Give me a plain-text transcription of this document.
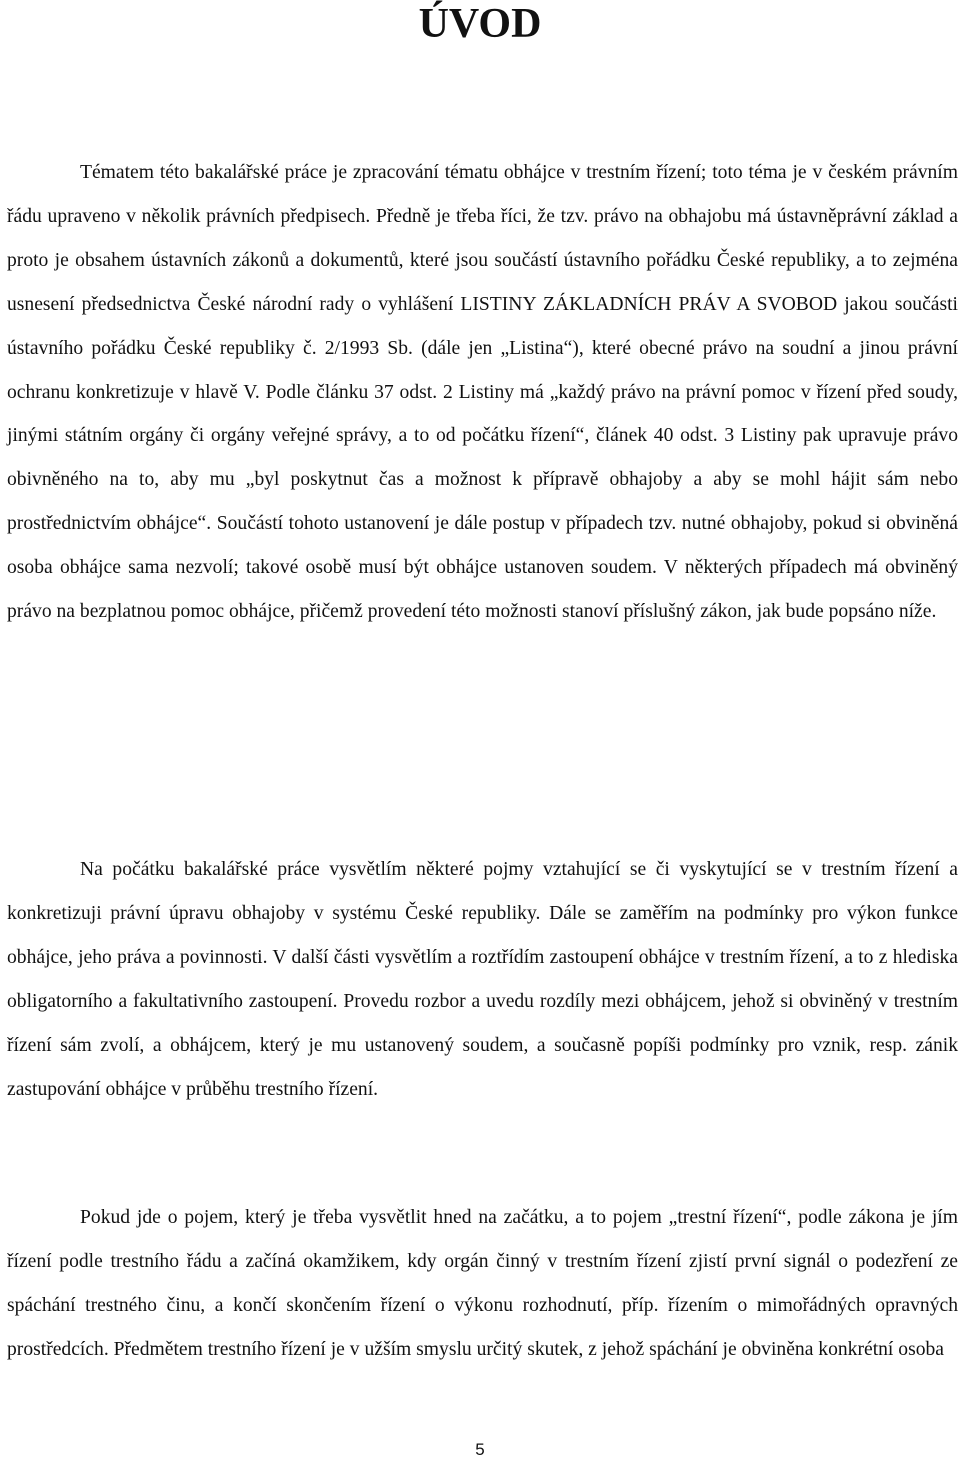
ÚVOD

Tématem této bakalářské práce je zpracování tématu obhájce v trestním řízení; toto téma je v českém právním řádu upraveno v několik právních předpisech. Předně je třeba říci, že tzv. právo na obhajobu má ústavněprávní základ a proto je obsahem ústavních zákonů a dokumentů, které jsou součástí ústavního pořádku České republiky, a to zejména usnesení předsednictva České národní rady o vyhlášení LISTINY ZÁKLADNÍCH PRÁV A SVOBOD jakou součásti ústavního pořádku České republiky č. 2/1993 Sb. (dále jen „Listina“), které obecné právo na soudní a jinou právní ochranu konkretizuje v hlavě V. Podle článku 37 odst. 2 Listiny má „každý právo na právní pomoc v řízení před soudy, jinými státním orgány či orgány veřejné správy, a to od počátku řízení“, článek 40 odst. 3 Listiny pak upravuje právo obivněného na to, aby mu „byl poskytnut čas a možnost k přípravě obhajoby a aby se mohl hájit sám nebo prostřednictvím obhájce“. Součástí tohoto ustanovení je dále postup v případech tzv. nutné obhajoby, pokud si obviněná osoba obhájce sama nezvolí; takové osobě musí být obhájce ustanoven soudem. V některých případech má obviněný právo na bezplatnou pomoc obhájce, přičemž provedení této možnosti stanoví příslušný zákon, jak bude popsáno níže.

Na počátku bakalářské práce vysvětlím některé pojmy vztahující se či vyskytující se v trestním řízení a konkretizuji právní úpravu obhajoby v systému České republiky. Dále se zaměřím na podmínky pro výkon funkce obhájce, jeho práva a povinnosti. V další části vysvětlím a roztřídím zastoupení obhájce v trestním řízení, a to z hlediska obligatorního a fakultativního zastoupení. Provedu rozbor a uvedu rozdíly mezi obhájcem, jehož si obviněný v trestním řízení sám zvolí, a obhájcem, který je mu ustanovený soudem, a současně popíši podmínky pro vznik, resp. zánik zastupování obhájce v průběhu trestního řízení.

Pokud jde o pojem, který je třeba vysvětlit hned na začátku, a to pojem „trestní řízení“, podle zákona je jím řízení podle trestního řádu a začíná okamžikem, kdy orgán činný v trestním řízení zjistí první signál o podezření ze spáchání trestného činu, a končí skončením řízení o výkonu rozhodnutí, příp. řízením o mimořádných opravných prostředcích. Předmětem trestního řízení je v užším smyslu určitý skutek, z jehož spáchání je obviněna konkrétní osoba

5
